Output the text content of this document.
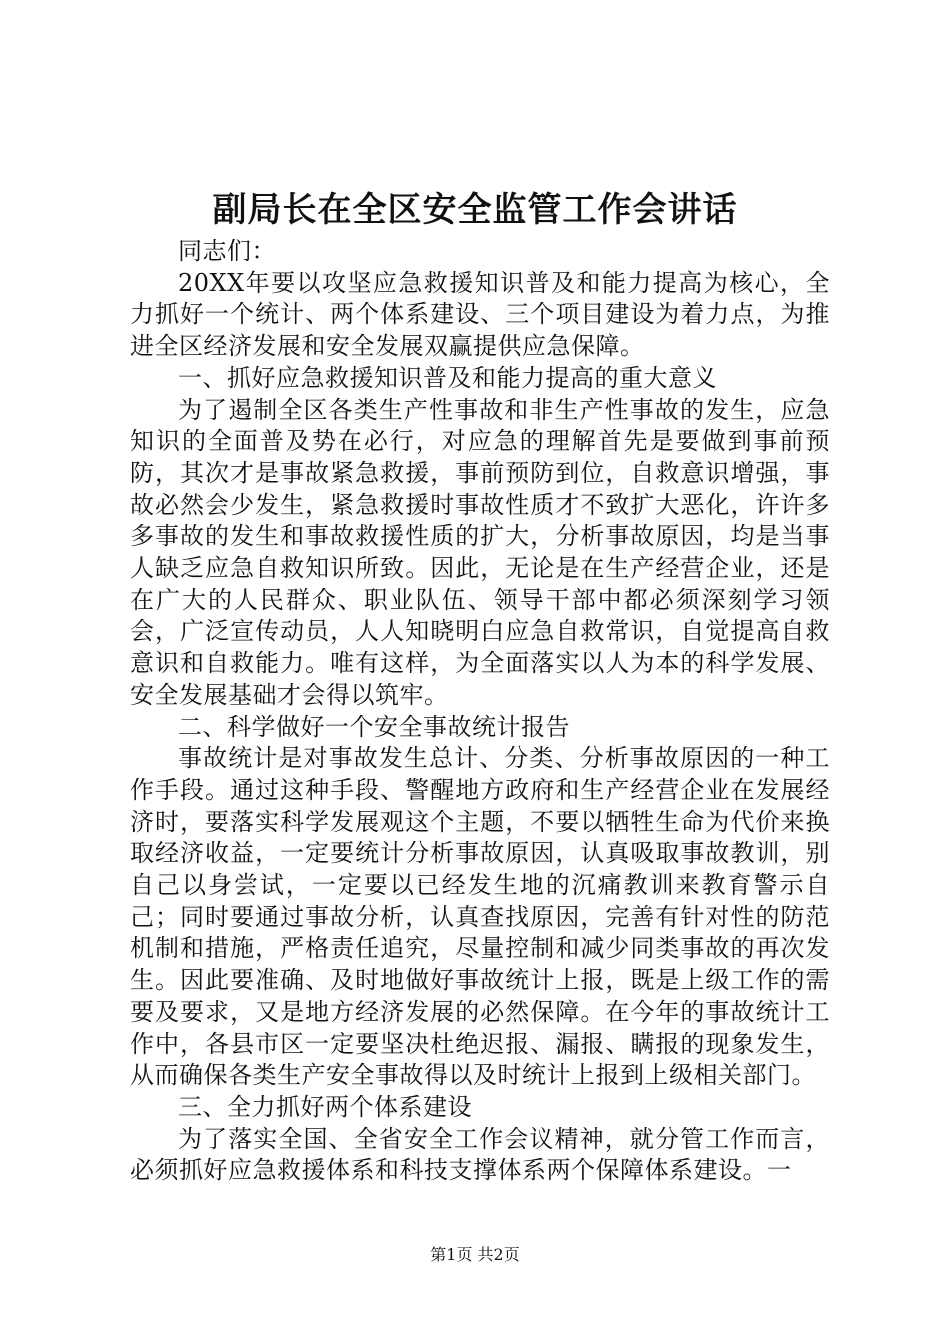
副局长在全区安全监管工作会讲话

同志们：

20XX年要以攻坚应急救援知识普及和能力提高为核心，全力抓好一个统计、两个体系建设、三个项目建设为着力点，为推进全区经济发展和安全发展双赢提供应急保障。

一、抓好应急救援知识普及和能力提高的重大意义

为了遏制全区各类生产性事故和非生产性事故的发生，应急知识的全面普及势在必行，对应急的理解首先是要做到事前预防，其次才是事故紧急救援，事前预防到位，自救意识增强，事故必然会少发生，紧急救援时事故性质才不致扩大恶化，许许多多事故的发生和事故救援性质的扩大，分析事故原因，均是当事人缺乏应急自救知识所致。因此，无论是在生产经营企业，还是在广大的人民群众、职业队伍、领导干部中都必须深刻学习领会，广泛宣传动员，人人知晓明白应急自救常识，自觉提高自救意识和自救能力。唯有这样，为全面落实以人为本的科学发展、安全发展基础才会得以筑牢。

二、科学做好一个安全事故统计报告

事故统计是对事故发生总计、分类、分析事故原因的一种工作手段。通过这种手段、警醒地方政府和生产经营企业在发展经济时，要落实科学发展观这个主题，不要以牺牲生命为代价来换取经济收益，一定要统计分析事故原因，认真吸取事故教训，别自己以身尝试，一定要以已经发生地的沉痛教训来教育警示自己；同时要通过事故分析，认真查找原因，完善有针对性的防范机制和措施，严格责任追究，尽量控制和减少同类事故的再次发生。因此要准确、及时地做好事故统计上报，既是上级工作的需要及要求，又是地方经济发展的必然保障。在今年的事故统计工作中，各县市区一定要坚决杜绝迟报、漏报、瞒报的现象发生，从而确保各类生产安全事故得以及时统计上报到上级相关部门。

三、全力抓好两个体系建设

为了落实全国、全省安全工作会议精神，就分管工作而言，必须抓好应急救援体系和科技支撑体系两个保障体系建设。一

第1页 共2页
